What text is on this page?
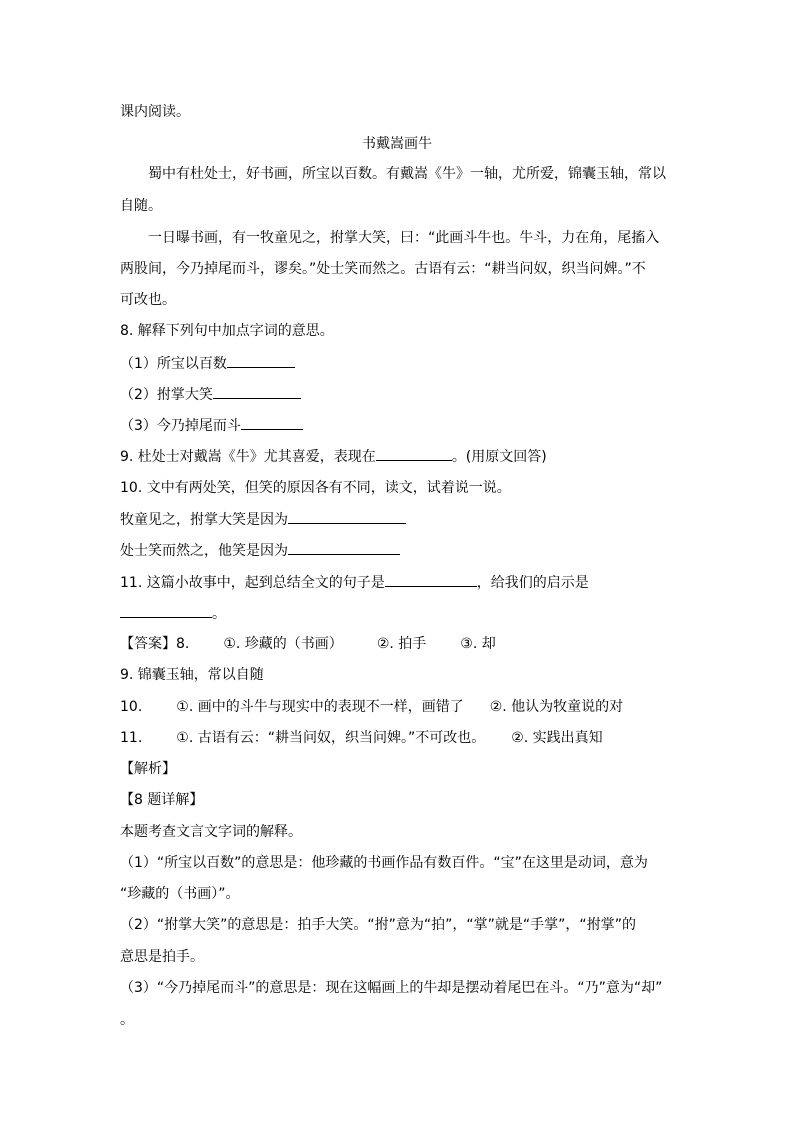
课内阅读。
书戴嵩画牛
蜀中有杜处士，好书画，所宝以百数。有戴嵩《牛》一轴，尤所爱，锦囊玉轴，常以
自随。
一日曝书画，有一牧童见之，拊掌大笑，曰：“此画斗牛也。牛斗，力在角，尾搐入
两股间，今乃掉尾而斗，谬矣。”处士笑而然之。古语有云：“耕当问奴，织当问婢。”不
可改也。
8. 解释下列句中加点字词的意思。
（1）所宝以百数
（2）拊掌大笑
（3）今乃掉尾而斗
9. 杜处士对戴嵩《牛》尤其喜爱，表现在	。(用原文回答)
10. 文中有两处笑，但笑的原因各有不同，读文，试着说一说。
牧童见之，拊掌大笑是因为
处士笑而然之，他笑是因为
11. 这篇小故事中，起到总结全文的句子是	，给我们的启示是
。
【答案】8. ①. 珍藏的（书画） ②. 拍手 ③. 却
9. 锦囊玉轴，常以自随
10. ①. 画中的斗牛与现实中的表现不一样，画错了 ②. 他认为牧童说的对
11. ①. 古语有云：“耕当问奴，织当问婢。”不可改也。 ②. 实践出真知
【解析】
【8 题详解】
本题考查文言文字词的解释。
（1）“所宝以百数”的意思是：他珍藏的书画作品有数百件。“宝”在这里是动词，意为
“珍藏的（书画）”。
（2）“拊掌大笑”的意思是：拍手大笑。“拊”意为“拍”，“掌”就是“手掌”，“拊掌”的
意思是拍手。
（3）“今乃掉尾而斗”的意思是：现在这幅画上的牛却是摆动着尾巴在斗。“乃”意为“却”
。
